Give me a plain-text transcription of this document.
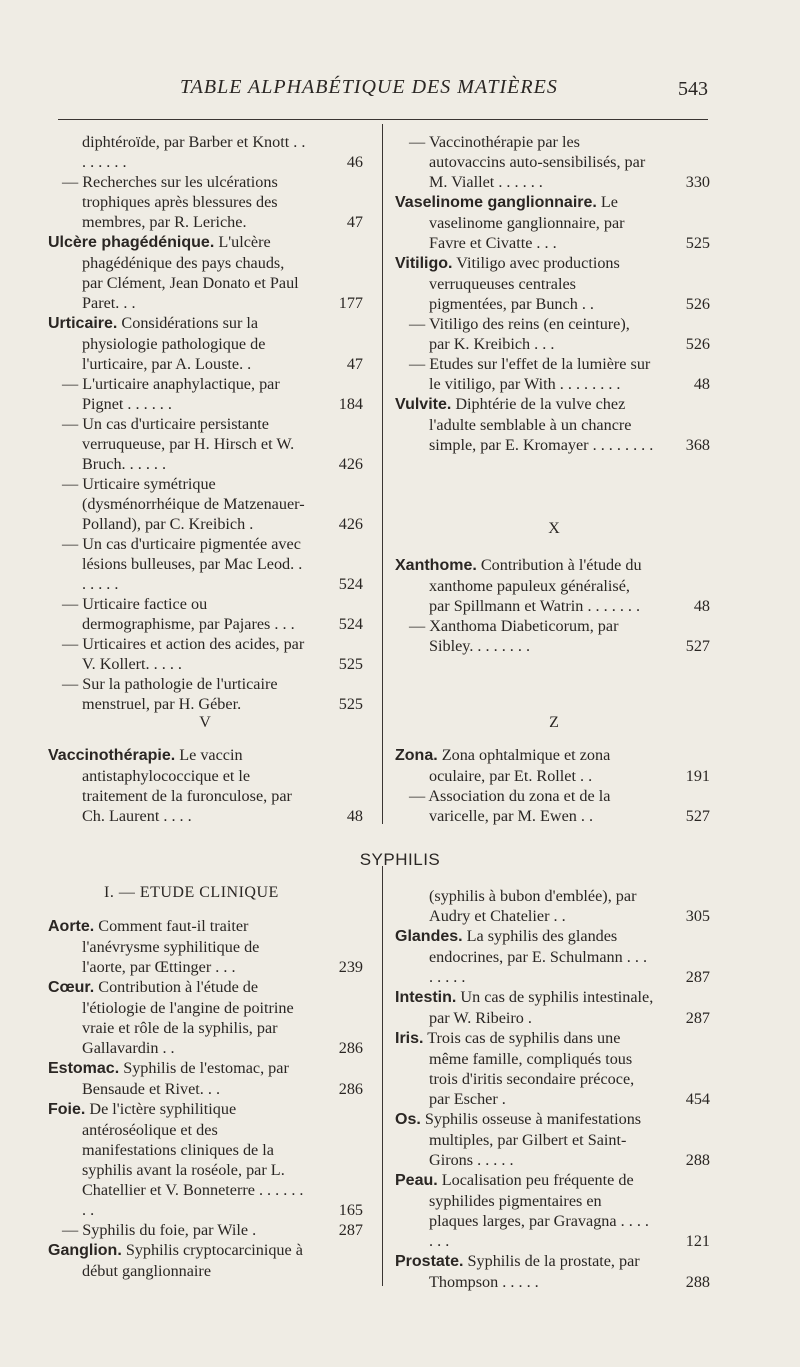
TABLE ALPHABÉTIQUE DES MATIÈRES	543
diphtéroïde, par Barber et Knott . . . . . . . .	46
— Recherches sur les ulcérations trophiques après blessures des membres, par R. Leriche.	47
Ulcère phagédénique. L'ulcère phagédénique des pays chauds, par Clément, Jean Donato et Paul Paret. . .	177
Urticaire. Considérations sur la physiologie pathologique de l'urticaire, par A. Louste. .	47
— L'urticaire anaphylactique, par Pignet . . . . . .	184
— Un cas d'urticaire persistante verruqueuse, par H. Hirsch et W. Bruch. . . . . .	426
— Urticaire symétrique (dysménorrhéique de Matzenauer-Polland), par C. Kreibich .	426
— Un cas d'urticaire pigmentée avec lésions bulleuses, par Mac Leod. . . . . . .	524
— Urticaire factice ou dermographisme, par Pajares . . .	524
— Urticaires et action des acides, par V. Kollert. . . . .	525
— Sur la pathologie de l'urticaire menstruel, par H. Géber.	525
— Vaccinothérapie par les autovaccins auto-sensibilisés, par M. Viallet . . . . . .	330
Vaselinome ganglionnaire. Le vaselinome ganglionnaire, par Favre et Civatte . . .	525
Vitiligo. Vitiligo avec productions verruqueuses centrales pigmentées, par Bunch . .	526
— Vitiligo des reins (en ceinture), par K. Kreibich . . .	526
— Etudes sur l'effet de la lumière sur le vitiligo, par With . . . . . . . .	48
Vulvite. Diphtérie de la vulve chez l'adulte semblable à un chancre simple, par E. Kromayer . . . . . . . .	368
V
X
Z
Vaccinothérapie. Le vaccin antistaphylococcique et le traitement de la furonculose, par Ch. Laurent . . . .	48
Xanthome. Contribution à l'étude du xanthome papuleux généralisé, par Spillmann et Watrin . . . . . . .	48
— Xanthoma Diabeticorum, par Sibley. . . . . . . .	527
Zona. Zona ophtalmique et zona oculaire, par Et. Rollet . .	191
— Association du zona et de la varicelle, par M. Ewen . .	527
SYPHILIS
I. — ETUDE CLINIQUE
Aorte. Comment faut-il traiter l'anévrysme syphilitique de l'aorte, par Œttinger . . .	239
Cœur. Contribution à l'étude de l'étiologie de l'angine de poitrine vraie et rôle de la syphilis, par Gallavardin . .	286
Estomac. Syphilis de l'estomac, par Bensaude et Rivet. . .	286
Foie. De l'ictère syphilitique antéroséolique et des manifestations cliniques de la syphilis avant la roséole, par L. Chatellier et V. Bonneterre . . . . . . . .	165
— Syphilis du foie, par Wile .	287
Ganglion. Syphilis cryptocarcinique à début ganglionnaire
(syphilis à bubon d'emblée), par Audry et Chatelier . .	305
Glandes. La syphilis des glandes endocrines, par E. Schulmann . . . . . . . .	287
Intestin. Un cas de syphilis intestinale, par W. Ribeiro .	287
Iris. Trois cas de syphilis dans une même famille, compliqués tous trois d'iritis secondaire précoce, par Escher .	454
Os. Syphilis osseuse à manifestations multiples, par Gilbert et Saint-Girons . . . . .	288
Peau. Localisation peu fréquente de syphilides pigmentaires en plaques larges, par Gravagna . . . . . . .	121
Prostate. Syphilis de la prostate, par Thompson . . . . .	288
